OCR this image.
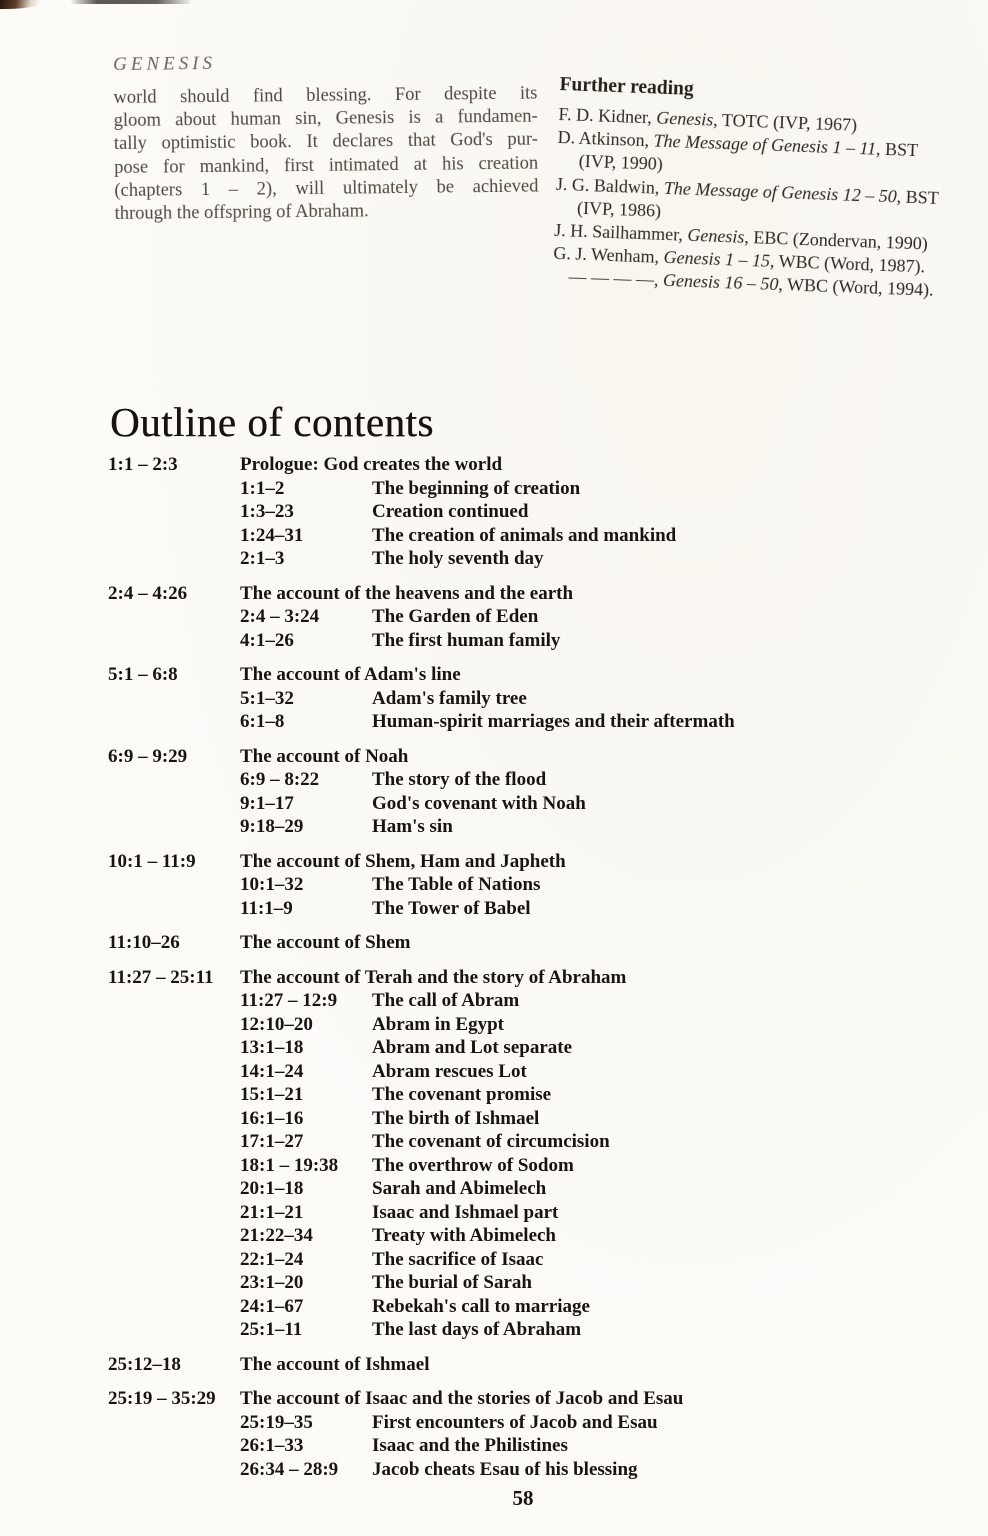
GENESIS
world should find blessing. For despite its
gloom about human sin, Genesis is a fundamen-
tally optimistic book. It declares that God's pur-
pose for mankind, first intimated at his creation
(chapters 1 – 2), will ultimately be achieved
through the offspring of Abraham.
Further reading
F. D. Kidner, Genesis, TOTC (IVP, 1967)
D. Atkinson, The Message of Genesis 1 – 11, BST (IVP, 1990)
J. G. Baldwin, The Message of Genesis 12 – 50, BST (IVP, 1986)
J. H. Sailhammer, Genesis, EBC (Zondervan, 1990)
G. J. Wenham, Genesis 1 – 15, WBC (Word, 1987).
— — — —, Genesis 16 – 50, WBC (Word, 1994).
Outline of contents
1:1 – 2:3	Prologue: God creates the world
1:1–2	The beginning of creation
1:3–23	Creation continued
1:24–31	The creation of animals and mankind
2:1–3	The holy seventh day
2:4 – 4:26	The account of the heavens and the earth
2:4 – 3:24	The Garden of Eden
4:1–26	The first human family
5:1 – 6:8	The account of Adam's line
5:1–32	Adam's family tree
6:1–8	Human-spirit marriages and their aftermath
6:9 – 9:29	The account of Noah
6:9 – 8:22	The story of the flood
9:1–17	God's covenant with Noah
9:18–29	Ham's sin
10:1 – 11:9	The account of Shem, Ham and Japheth
10:1–32	The Table of Nations
11:1–9	The Tower of Babel
11:10–26	The account of Shem
11:27 – 25:11	The account of Terah and the story of Abraham
11:27 – 12:9	The call of Abram
12:10–20	Abram in Egypt
13:1–18	Abram and Lot separate
14:1–24	Abram rescues Lot
15:1–21	The covenant promise
16:1–16	The birth of Ishmael
17:1–27	The covenant of circumcision
18:1 – 19:38	The overthrow of Sodom
20:1–18	Sarah and Abimelech
21:1–21	Isaac and Ishmael part
21:22–34	Treaty with Abimelech
22:1–24	The sacrifice of Isaac
23:1–20	The burial of Sarah
24:1–67	Rebekah's call to marriage
25:1–11	The last days of Abraham
25:12–18	The account of Ishmael
25:19 – 35:29	The account of Isaac and the stories of Jacob and Esau
25:19–35	First encounters of Jacob and Esau
26:1–33	Isaac and the Philistines
26:34 – 28:9	Jacob cheats Esau of his blessing
58
